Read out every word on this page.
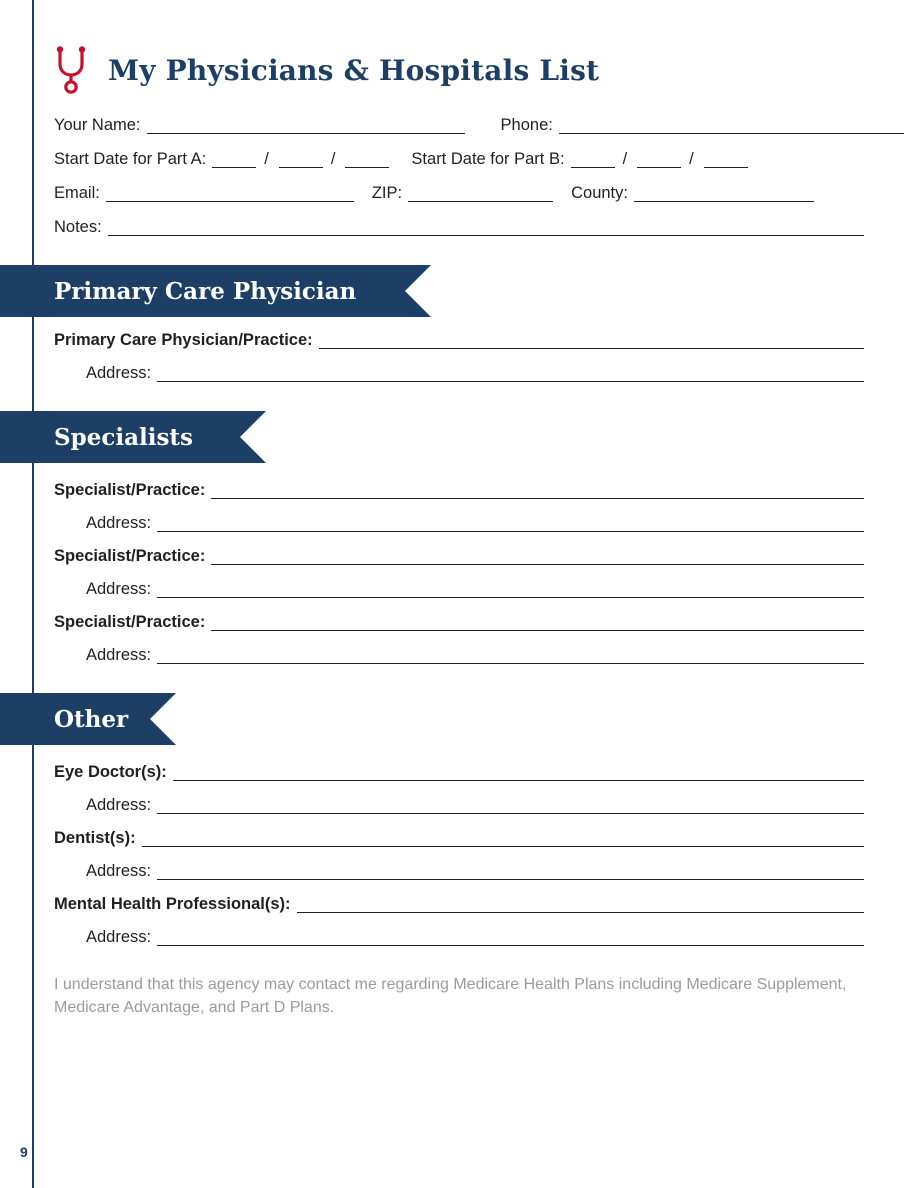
My Physicians & Hospitals List
Your Name:	Phone:
Start Date for Part A:	/	/	Start Date for Part B:	/	/
Email:	ZIP:	County:
Notes:
Primary Care Physician
Primary Care Physician/Practice:
Address:
Specialists
Specialist/Practice:
Address:
Specialist/Practice:
Address:
Specialist/Practice:
Address:
Other
Eye Doctor(s):
Address:
Dentist(s):
Address:
Mental Health Professional(s):
Address:
I understand that this agency may contact me regarding Medicare Health Plans including Medicare Supplement, Medicare Advantage, and Part D Plans.
9
